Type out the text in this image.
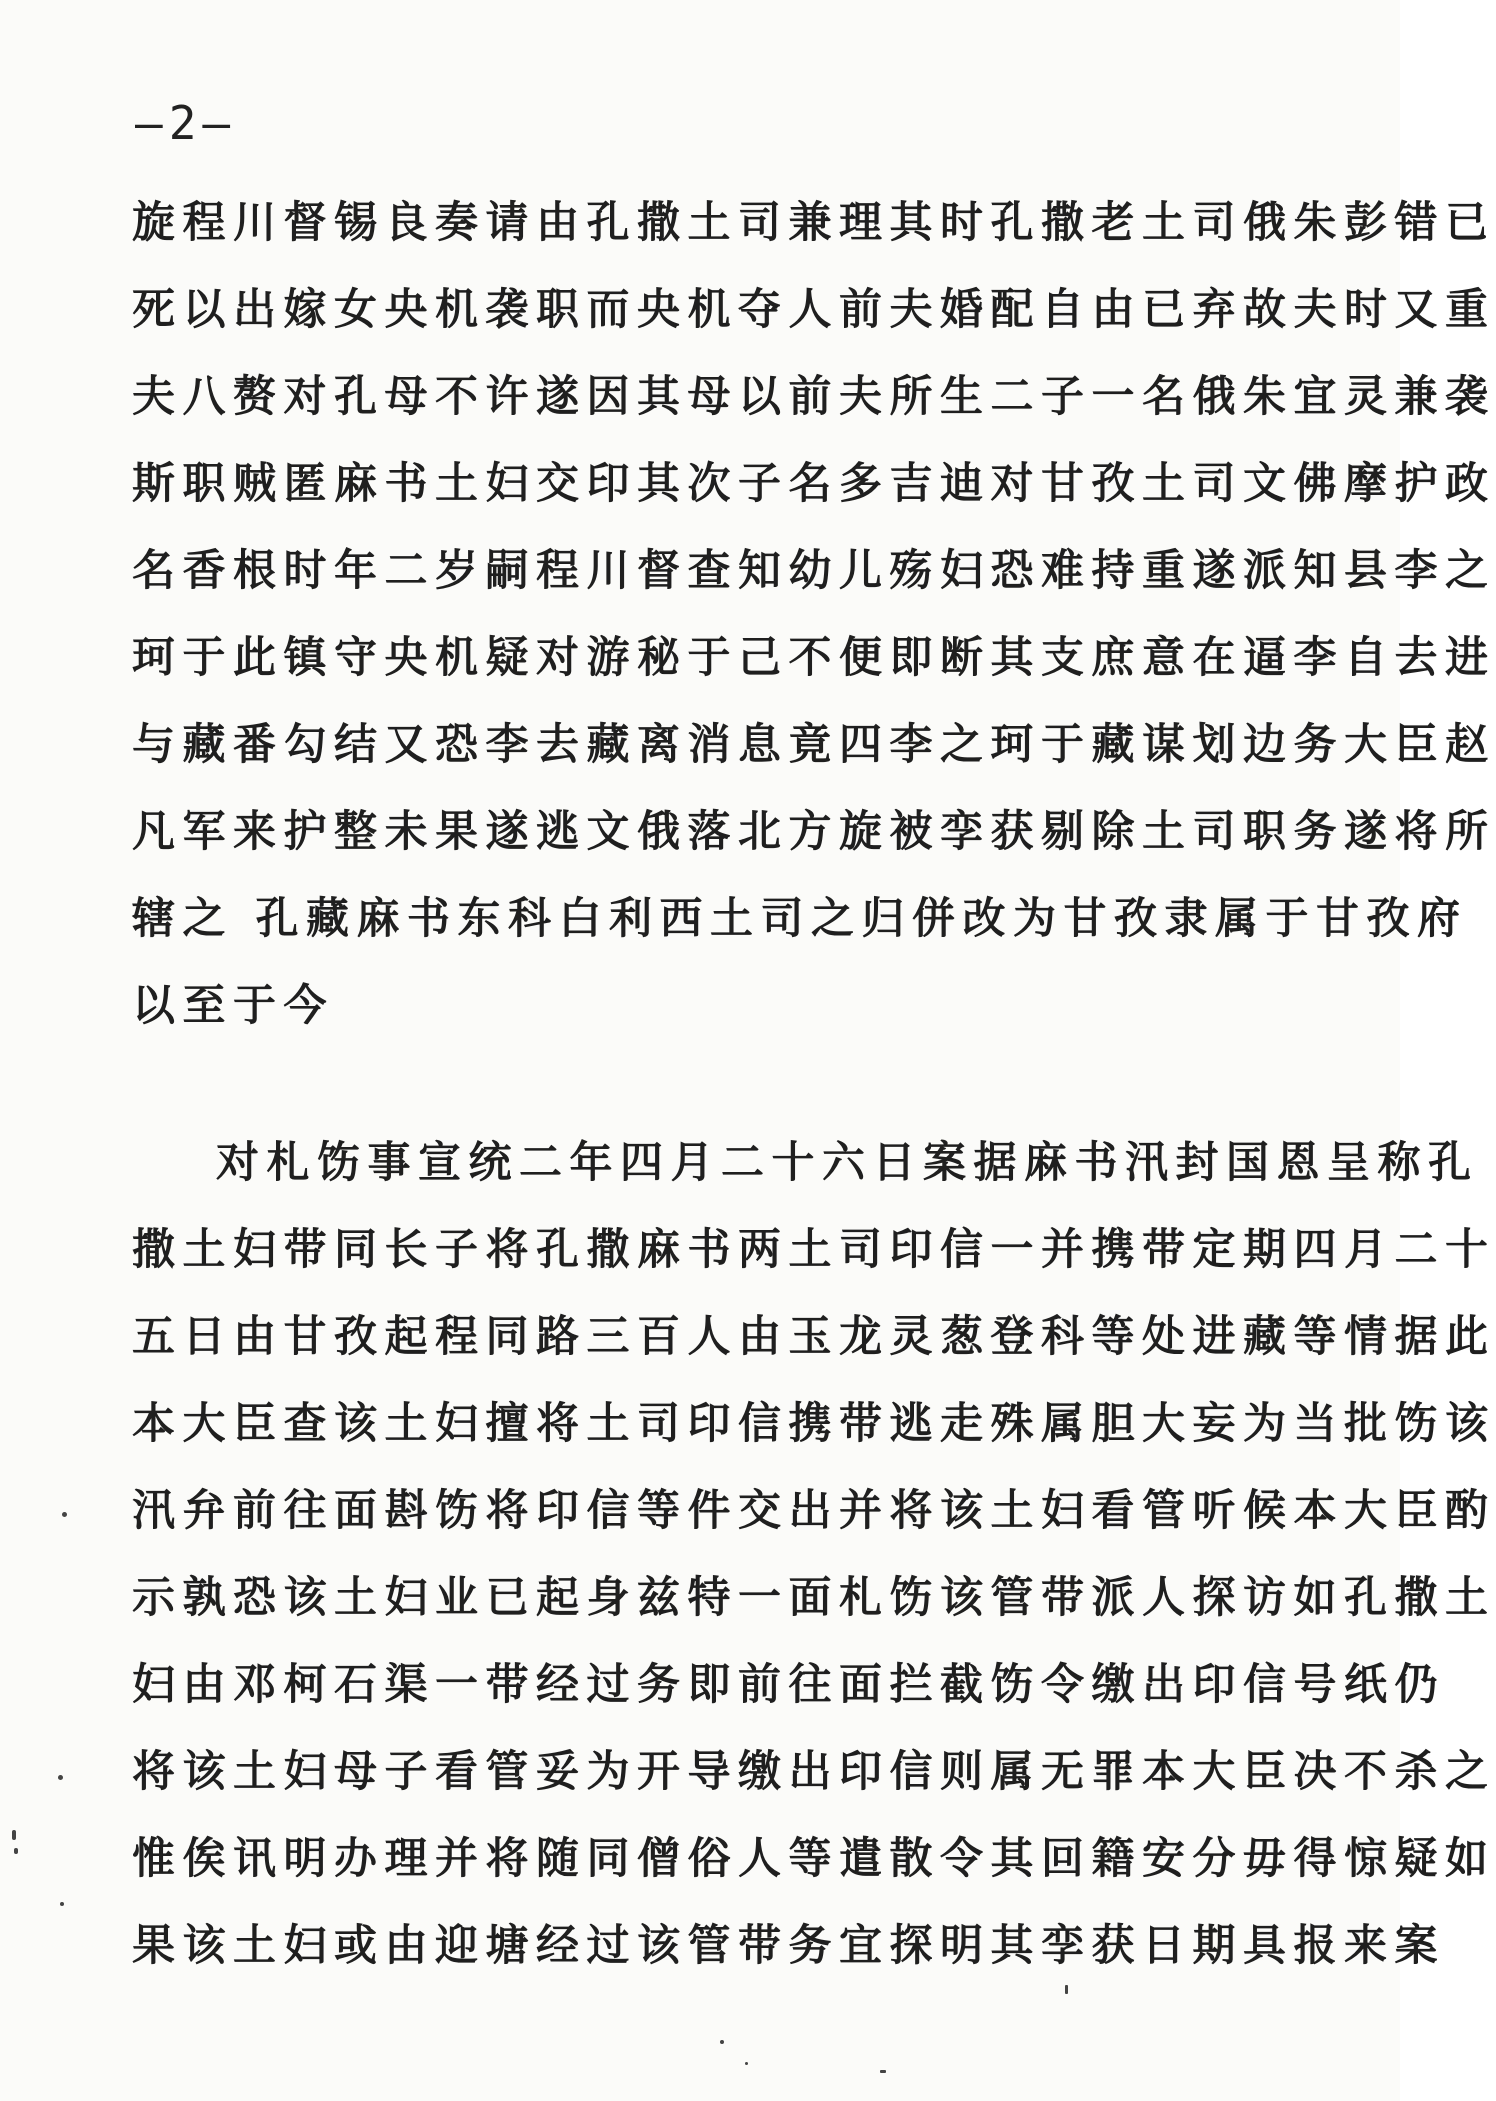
—2—
旋程川督锡良奏请由孔撒土司兼理其时孔撒老土司俄朱彭错已
死以出嫁女央机袭职而央机夺人前夫婚配自由已弃故夫时又重
夫八赘对孔母不许遂因其母以前夫所生二子一名俄朱宜灵兼袭
斯职贼匿麻书土妇交印其次子名多吉迪对甘孜土司文佛摩护政
名香根时年二岁嗣程川督查知幼儿殇妇恐难持重遂派知县李之
珂于此镇守央机疑对游秘于己不便即断其支庶意在逼李自去进
与藏番勾结又恐李去藏离消息竟四李之珂于藏谋划边务大臣赵
凡军来护整未果遂逃文俄落北方旋被孪获剔除土司职务遂将所
辖之 孔藏麻书东科白利西土司之归併改为甘孜隶属于甘孜府
以至于今
对札饬事宣统二年四月二十六日案据麻书汛封国恩呈称孔
撒土妇带同长子将孔撒麻书两土司印信一并携带定期四月二十
五日由甘孜起程同路三百人由玉龙灵葱登科等处进藏等情据此
本大臣查该土妇擅将土司印信携带逃走殊属胆大妄为当批饬该
汛弁前往面斟饬将印信等件交出并将该土妇看管听候本大臣酌
示孰恐该土妇业已起身兹特一面札饬该管带派人探访如孔撒土
妇由邓柯石渠一带经过务即前往面拦截饬令缴出印信号纸仍
将该土妇母子看管妥为开导缴出印信则属无罪本大臣决不杀之
惟俟讯明办理并将随同僧俗人等遣散令其回籍安分毋得惊疑如
果该土妇或由迎塘经过该管带务宜探明其孪获日期具报来案
